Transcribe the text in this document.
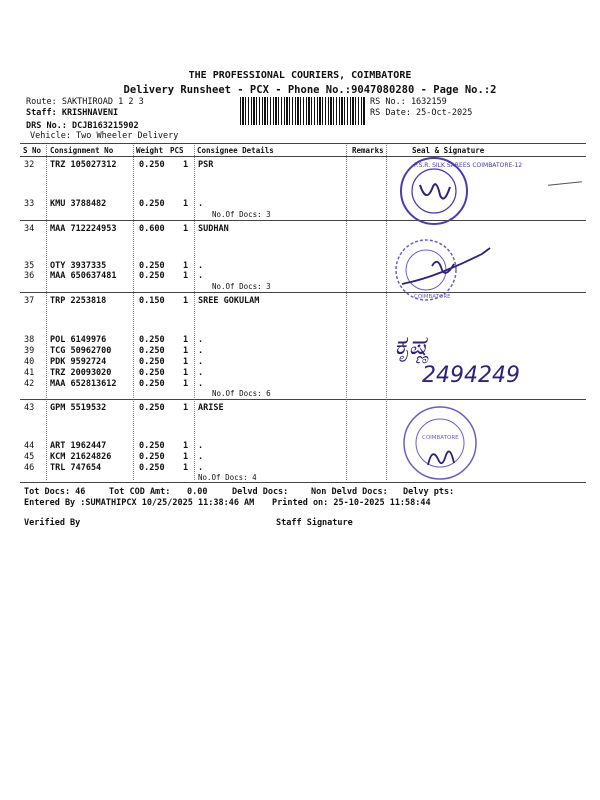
THE PROFESSIONAL COURIERS, COIMBATORE
Delivery Runsheet - PCX - Phone No.:9047080280 - Page No.:2
Route: SAKTHIROAD 1 2 3
Staff: KRISHNAVENI
DRS No.: DCJB163215902
Vehicle: Two Wheeler Delivery
RS No.: 1632159
RS Date: 25-Oct-2025
S No Consignment No	Weight PCS Consignee Details	Remarks	Seal & Signature
32 TRZ 105027312	0.250 1 PSR
33 KMU 3788482	0.250 1 .
No.Of Docs: 3
34 MAA 712224953	0.600 1 SUDHAN
35 OTY 3937335	0.250 1 .
36 MAA 650637481	0.250 1 .
No.Of Docs: 3
37 TRP 2253818	0.150 1 SREE GOKULAM
38 POL 6149976	0.250 1 .
39 TCG 50962700	0.250 1 .
40 PDK 9592724	0.250 1 .
41 TRZ 20093020	0.250 1 .
42 MAA 652813612	0.250 1 .
No.Of Docs: 6
43 GPM 5519532	0.250 1 ARISE
44 ART 1962447	0.250 1 .
45 KCM 21624826	0.250 1 .
46 TRL 747654	0.250 1 .
No.Of Docs: 4
Tot Docs: 46	Tot COD Amt: 0.00	Delvd Docs:	Non Delvd Docs: Delvy pts:
Entered By :SUMATHIPCX 10/25/2025 11:38:46 AM Printed on: 25-10-2025 11:58:44
Verified By	Staff Signature
P.S.R. SILK SAREES COIMBATORE-12
COIMBATORE
ಕೃಷ್ಣ
2494249
COIMBATORE
